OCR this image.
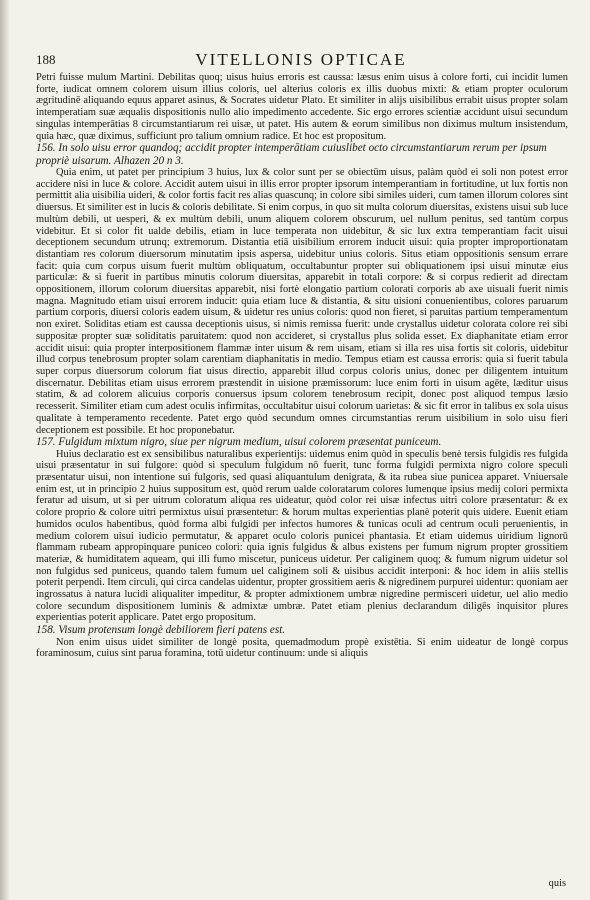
188	VITELLONIS OPTICAE

Petri fuisse mulum Martini. Debilitas quoq; uisus huius erroris est caussa: læsus enim uisus à colore forti, cui incidit lumen forte, iudicat omnem colorem uisum illius coloris, uel alterius coloris ex illis duobus mixti: & etiam propter oculorum ægritudinē aliquando equus apparet asinus, & Socrates uidetur Plato. Et similiter in alijs uisibilibus errabit uisus propter solam intemperatiam suæ æqualis dispositionis nullo alio impedimento accedente. Sic ergo errores scientiæ accidunt uisui secundum singulas intemperātias 8 circumstantiarum rei uisæ, ut patet. His autem & eorum similibus non diximus multum insistendum, quia hæc, quæ diximus, sufficiunt pro talium omnium radice. Et hoc est propositum.

156. In solo uisu error quandoq; accidit propter intemperātiam cuiuslibet octo circumstantiarum rerum per ipsum propriè uisarum. Alhazen 20 n 3.

Quia enim, ut patet per principium 3 huius, lux & color sunt per se obiectūm uisus, palàm quòd ei soli non potest error accidere nisi in luce & colore. Accidit autem uisui in illis error propter ipsorum intemperantiam in fortitudine, ut lux fortis non permittit alia uisibilia uideri, & color fortis facit res alias quascunq; in colore sibi similes uideri, cum tamen illorum colores sint diuersus. Et similiter est in lucis & coloris debilitate. Si enim corpus, in quo sit multa colorum diuersitas, existens uisui sub luce multùm debili, ut uesperi, & ex multùm debili, unum aliquem colorem obscurum, uel nullum penitus, sed tantùm corpus videbitur. Et si color fit ualde debilis, etiam in luce temperata non uidebitur, & sic lux extra temperantiam facit uisui deceptionem secundum utrunq; extremorum. Distantia etiā uisibilium errorem inducit uisui: quia propter improportionatam distantiam res colorum diuersorum minutatim ipsis aspersa, uidebitur unius coloris. Situs etiam oppositionis sensum errare facit: quia cum corpus uisum fuerit multùm obliquatum, occultabuntur propter sui obliquationem ipsi uisui minutæ eius particulæ: & si fuerit in partibus minutis colorum diuersitas, apparebit in totali corpore: & si corpus redierit ad directam oppositionem, illorum colorum diuersitas apparebit, nisi fortè elongatio partium colorati corporis ab axe uisuali fuerit nimis magna. Magnitudo etiam uisui errorem inducit: quia etiam luce & distantia, & situ uisioni conuenientibus, colores paruarum partium corporis, diuersi coloris eadem uisum, & uidetur res unius coloris: quod non fieret, si paruitas partium temperamentum non exiret. Soliditas etiam est caussa deceptionis uisus, si nimis remissa fuerit: unde crystallus uidetur colorata colore rei sibi suppositæ propter suæ soliditatis paruitatem: quod non accideret, si crystallus plus solida esset. Ex diaphanitate etiam error accidit uisui: quia propter interpositionem flammæ inter uisum & rem uisam, etiam si illa res uisa fortis sit coloris, uidebitur illud corpus tenebrosum propter solam carentiam diaphanitatis in medio. Tempus etiam est caussa erroris: quia si fuerit tabula super corpus diuersorum colorum fiat uisus directio, apparebit illud corpus coloris unius, donec per diligentem intuitum discernatur. Debilitas etiam uisus errorem præstendit in uisione præmissorum: luce enim forti in uisum agēte, læditur uisus statim, & ad colorem alicuius corporis conuersus ipsum colorem tenebrosum recipit, donec post aliquod tempus læsio recesserit. Similiter etiam cum adest oculis infirmitas, occultabitur uisui colorum uarietas: & sic fit error in talibus ex sola uisus qualitate à temperamento recedente. Patet ergo quòd secundum omnes circumstantias rerum uisibilium in solo uisu fieri deceptionem est possibile. Et hoc proponebatur.

157. Fulgidum mixtum nigro, siue per nigrum medium, uisui colorem præsentat puniceum.

Huius declaratio est ex sensibilibus naturalibus experientijs: uidemus enim quòd in speculis benè tersis fulgidis res fulgida uisui præsentatur in sui fulgore: quòd si speculum fulgidum nō fuerit, tunc forma fulgidi permixta nigro colore speculi præsentatur uisui, non intentione sui fulgoris, sed quasi aliquantulum denigrata, & ita rubea siue punicea apparet. Vniuersale enim est, ut in principio 2 huius suppositum est, quòd rerum ualde coloratarum colores lumenque ipsius medij colori permixta feratur ad uisum, ut si per uitrum coloratum aliqua res uideatur, quòd color rei uisæ infectus uitri colore præsentatur: & ex colore proprio & colore uitri permixtus uisui præsentetur: & horum multas experientias planè poterit quis uidere. Euenit etiam humidos oculos habentibus, quòd forma albi fulgidi per infectos humores & tunicas oculi ad centrum oculi peruenientis, in medium colorem uisui iudicio permutatur, & apparet oculo coloris punicei phantasia. Et etiam uidemus uiridium lignorū flammam rubeam appropinquare puniceo colori: quia ignis fulgidus & albus existens per fumum nigrum propter grossitiem materiæ, & humiditatem aqueam, qui illi fumo miscetur, puniceus uidetur. Per caliginem quoq; & fumum nigrum uidetur sol non fulgidus sed puniceus, quando talem fumum uel caliginem soli & uisibus accidit interponi: & hoc idem in aliis stellis poterit perpendi. Item circuli, qui circa candelas uidentur, propter grossitiem aeris & nigredinem purpurei uidentur: quoniam aer ingrossatus à natura lucidi aliqualiter impeditur, & propter admixtionem umbræ nigredine permisceri uidetur, uel alio medio colore secundum dispositionem luminis & admixtæ umbræ. Patet etiam plenius declarandum diligēs inquisitor plures experientias poterit applicare. Patet ergo propositum.

158. Visum protensum longè debiliorem fieri patens est.

Non enim uisus uidet similiter de longè posita, quemadmodum propè existētia. Si enim uideatur de longè corpus foraminosum, cuius sint parua foramina, totū uidetur continuum: unde si aliquis

quis
